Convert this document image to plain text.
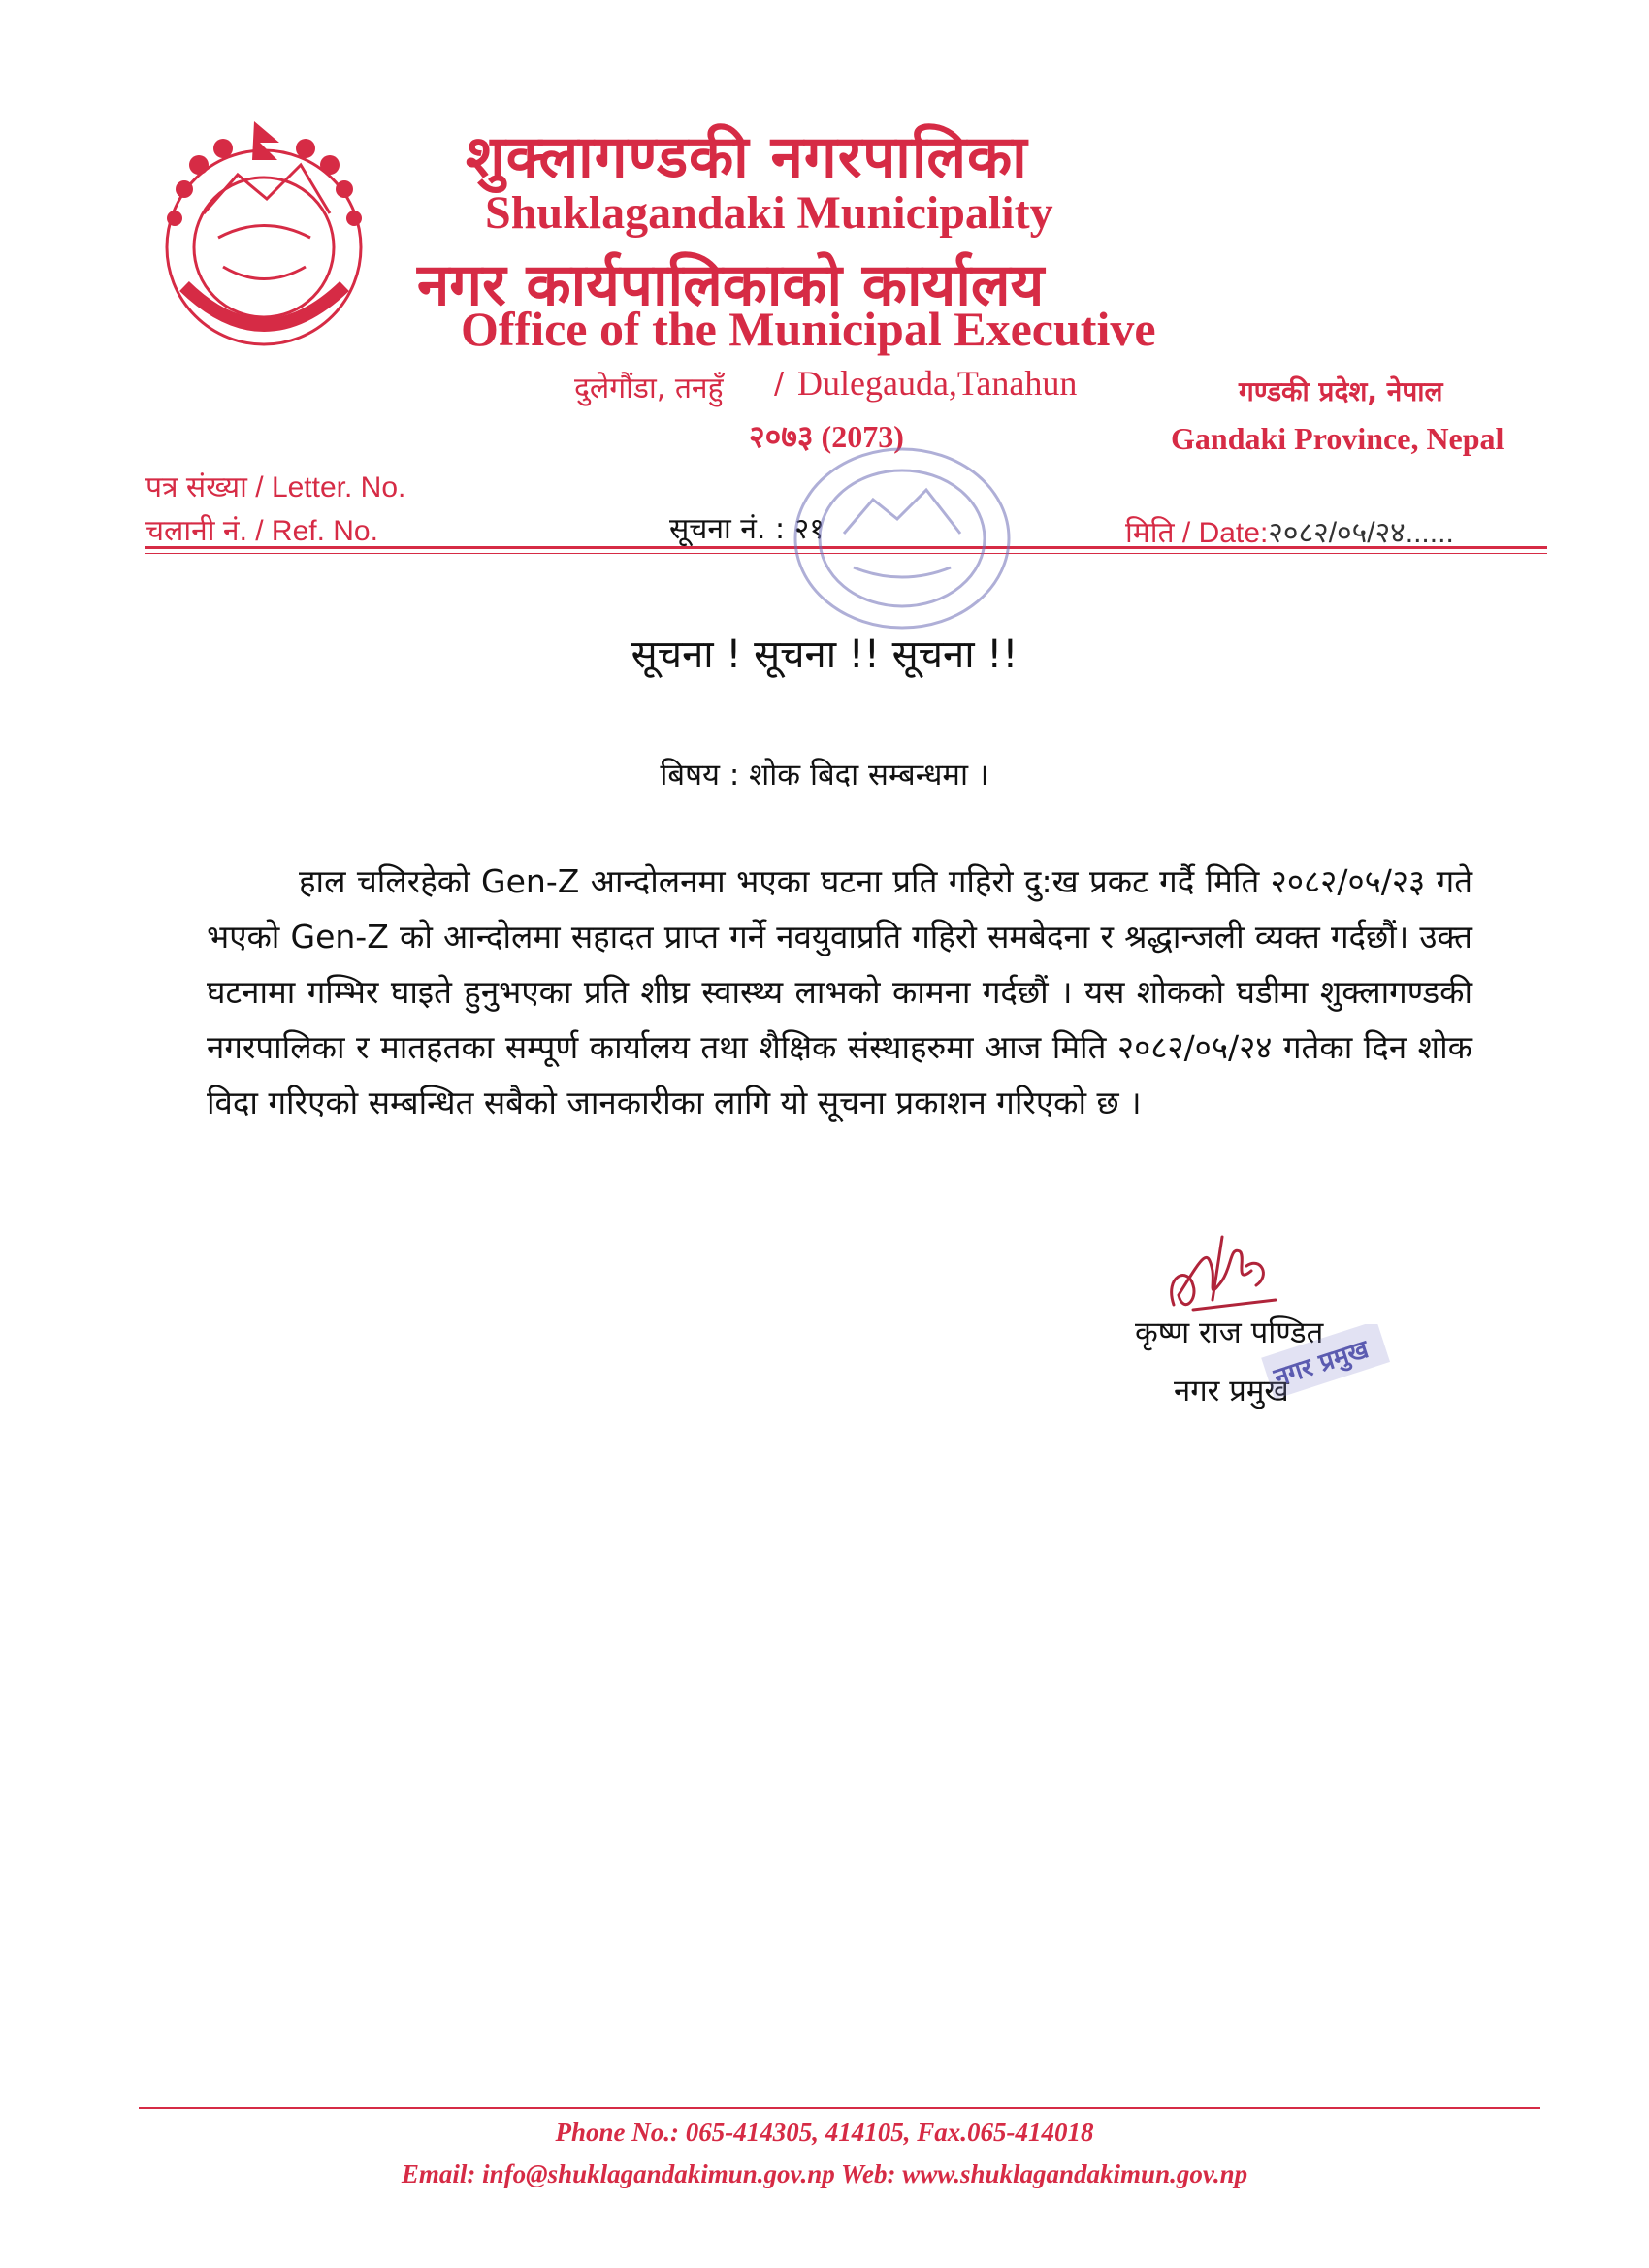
शुक्लागण्डकी नगरपालिका
Shuklagandaki Municipality
नगर कार्यपालिकाको कार्यालय
Office of the Municipal Executive
दुलेगौंडा, तनहुँ / Dulegauda,Tanahun
२०७३ (2073)
गण्डकी प्रदेश, नेपाल
Gandaki Province, Nepal
पत्र संख्या / Letter. No.
चलानी नं. / Ref. No.	सूचना नं. : २१	मिति / Date:२०८२/०५/२४......
सूचना ! सूचना !! सूचना !!
बिषय : शोक बिदा सम्बन्धमा ।

हाल चलिरहेको Gen-Z आन्दोलनमा भएका घटना प्रति गहिरो दु:ख प्रकट गर्दै मिति २०८२/०५/२३ गते भएको Gen-Z को आन्दोलमा सहादत प्राप्त गर्ने नवयुवाप्रति गहिरो समबेदना र श्रद्धान्जली व्यक्त गर्दछौं। उक्त घटनामा गम्भिर घाइते हुनुभएका प्रति शीघ्र स्वास्थ्य लाभको कामना गर्दछौं । यस शोकको घडीमा शुक्लागण्डकी नगरपालिका र मातहतका सम्पूर्ण कार्यालय तथा शैक्षिक संस्थाहरुमा आज मिति २०८२/०५/२४ गतेका दिन शोक विदा गरिएको सम्बन्धित सबैको जानकारीका लागि यो सूचना प्रकाशन गरिएको छ ।

कृष्ण राज पण्डित
नगर प्रमुख
नगर प्रमुख
Phone No.: 065-414305, 414105, Fax.065-414018
Email: info@shuklagandakimun.gov.np Web: www.shuklagandakimun.gov.np
